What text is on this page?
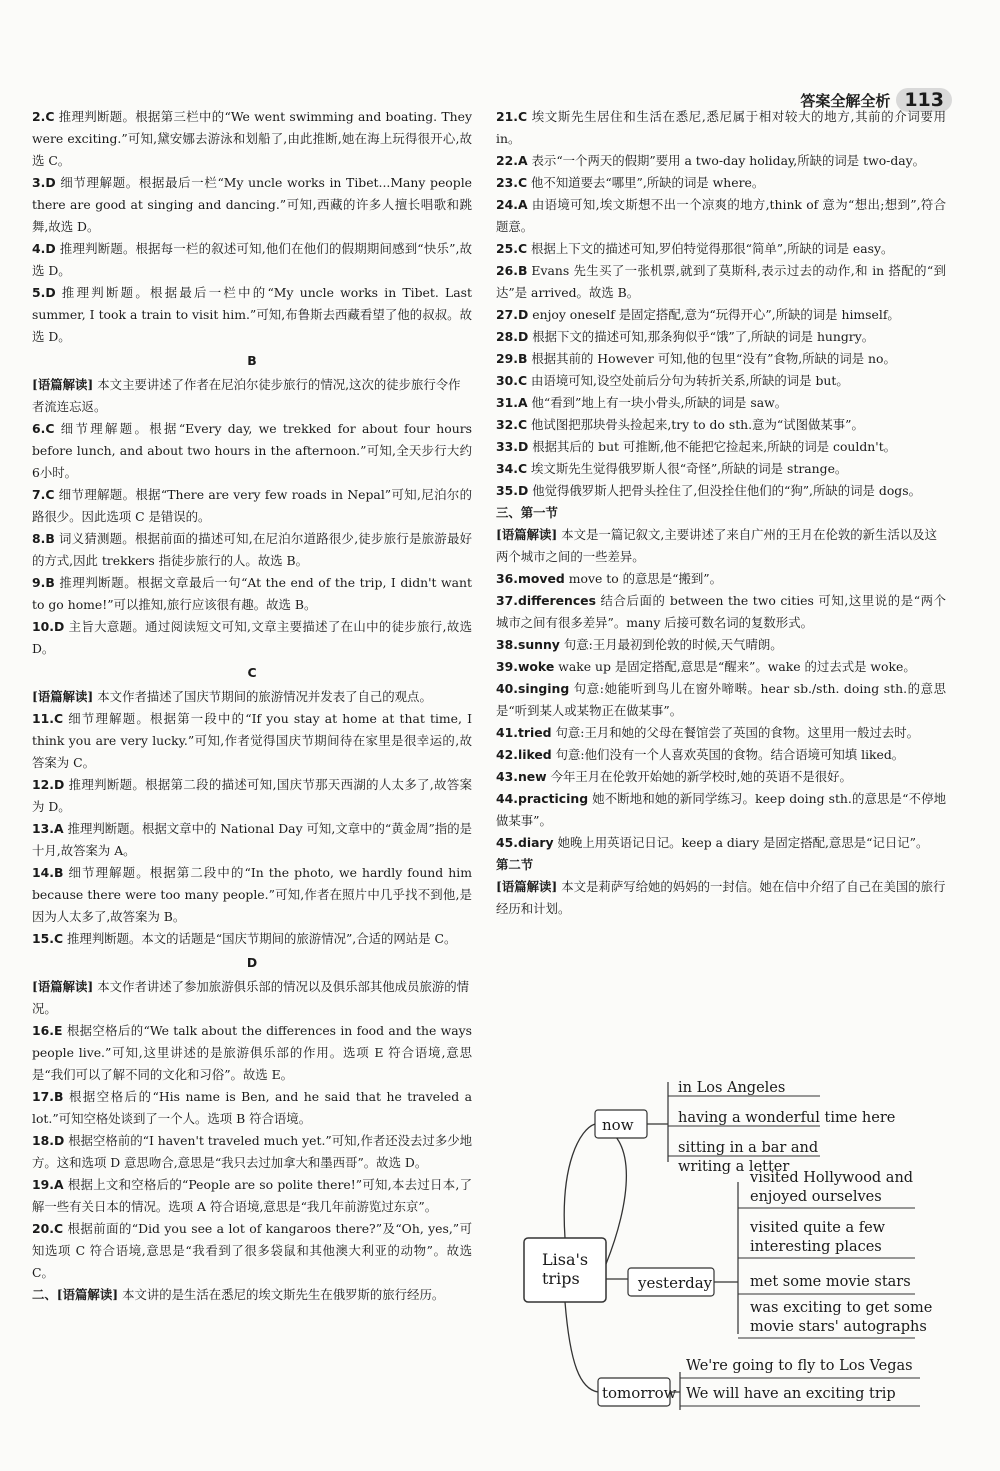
答案全解全析 113

2.C 推理判断题。根据第三栏中的“We went swimming and boating. They were exciting.”可知,黛安娜去游泳和划船了,由此推断,她在海上玩得很开心,故选 C。

3.D 细节理解题。根据最后一栏“My uncle works in Tibet...Many people there are good at singing and dancing.”可知,西藏的许多人擅长唱歌和跳舞,故选 D。

4.D 推理判断题。根据每一栏的叙述可知,他们在他们的假期期间感到“快乐”,故选 D。

5.D 推理判断题。根据最后一栏中的“My uncle works in Tibet. Last summer, I took a train to visit him.”可知,布鲁斯去西藏看望了他的叔叔。故选 D。

B

[语篇解读] 本文主要讲述了作者在尼泊尔徒步旅行的情况,这次的徒步旅行令作者流连忘返。

6.C 细节理解题。根据“Every day, we trekked for about four hours before lunch, and about two hours in the afternoon.”可知,全天步行大约6小时。

7.C 细节理解题。根据“There are very few roads in Nepal”可知,尼泊尔的路很少。因此选项 C 是错误的。

8.B 词义猜测题。根据前面的描述可知,在尼泊尔道路很少,徒步旅行是旅游最好的方式,因此 trekkers 指徒步旅行的人。故选 B。

9.B 推理判断题。根据文章最后一句“At the end of the trip, I didn't want to go home!”可以推知,旅行应该很有趣。故选 B。

10.D 主旨大意题。通过阅读短文可知,文章主要描述了在山中的徒步旅行,故选 D。

C

[语篇解读] 本文作者描述了国庆节期间的旅游情况并发表了自己的观点。

11.C 细节理解题。根据第一段中的“If you stay at home at that time, I think you are very lucky.”可知,作者觉得国庆节期间待在家里是很幸运的,故答案为 C。

12.D 推理判断题。根据第二段的描述可知,国庆节那天西湖的人太多了,故答案为 D。

13.A 推理判断题。根据文章中的 National Day 可知,文章中的“黄金周”指的是十月,故答案为 A。

14.B 细节理解题。根据第二段中的“In the photo, we hardly found him because there were too many people.”可知,作者在照片中几乎找不到他,是因为人太多了,故答案为 B。

15.C 推理判断题。本文的话题是“国庆节期间的旅游情况”,合适的网站是 C。

D

[语篇解读] 本文作者讲述了参加旅游俱乐部的情况以及俱乐部其他成员旅游的情况。

16.E 根据空格后的“We talk about the differences in food and the ways people live.”可知,这里讲述的是旅游俱乐部的作用。选项 E 符合语境,意思是“我们可以了解不同的文化和习俗”。故选 E。

17.B 根据空格后的“His name is Ben, and he said that he traveled a lot.”可知空格处谈到了一个人。选项 B 符合语境。

18.D 根据空格前的“I haven't traveled much yet.”可知,作者还没去过多少地方。这和选项 D 意思吻合,意思是“我只去过加拿大和墨西哥”。故选 D。

19.A 根据上文和空格后的“People are so polite there!”可知,本去过日本,了解一些有关日本的情况。选项 A 符合语境,意思是“我几年前游览过东京”。

20.C 根据前面的“Did you see a lot of kangaroos there?”及“Oh, yes,”可知选项 C 符合语境,意思是“我看到了很多袋鼠和其他澳大利亚的动物”。故选 C。

二、[语篇解读] 本文讲的是生活在悉尼的埃文斯先生在俄罗斯的旅行经历。

21.C 埃文斯先生居住和生活在悉尼,悉尼属于相对较大的地方,其前的介词要用 in。

22.A 表示“一个两天的假期”要用 a two-day holiday,所缺的词是 two-day。

23.C 他不知道要去“哪里”,所缺的词是 where。

24.A 由语境可知,埃文斯想不出一个凉爽的地方,think of 意为“想出;想到”,符合题意。

25.C 根据上下文的描述可知,罗伯特觉得那很“简单”,所缺的词是 easy。

26.B Evans 先生买了一张机票,就到了莫斯科,表示过去的动作,和 in 搭配的“到达”是 arrived。故选 B。

27.D enjoy oneself 是固定搭配,意为“玩得开心”,所缺的词是 himself。

28.D 根据下文的描述可知,那条狗似乎“饿”了,所缺的词是 hungry。

29.B 根据其前的 However 可知,他的包里“没有”食物,所缺的词是 no。

30.C 由语境可知,设空处前后分句为转折关系,所缺的词是 but。

31.A 他“看到”地上有一块小骨头,所缺的词是 saw。

32.C 他试图把那块骨头捡起来,try to do sth.意为“试图做某事”。

33.D 根据其后的 but 可推断,他不能把它捡起来,所缺的词是 couldn't。

34.C 埃文斯先生觉得俄罗斯人很“奇怪”,所缺的词是 strange。

35.D 他觉得俄罗斯人把骨头拴住了,但没拴住他们的“狗”,所缺的词是 dogs。

三、第一节

[语篇解读] 本文是一篇记叙文,主要讲述了来自广州的王月在伦敦的新生活以及这两个城市之间的一些差异。

36.moved move to 的意思是“搬到”。

37.differences 结合后面的 between the two cities 可知,这里说的是“两个城市之间有很多差异”。many 后接可数名词的复数形式。

38.sunny 句意:王月最初到伦敦的时候,天气晴朗。

39.woke wake up 是固定搭配,意思是“醒来”。wake 的过去式是 woke。

40.singing 句意:她能听到鸟儿在窗外啼啭。hear sb./sth. doing sth.的意思是“听到某人或某物正在做某事”。

41.tried 句意:王月和她的父母在餐馆尝了英国的食物。这里用一般过去时。

42.liked 句意:他们没有一个人喜欢英国的食物。结合语境可知填 liked。

43.new 今年王月在伦敦开始她的新学校时,她的英语不是很好。

44.practicing 她不断地和她的新同学练习。keep doing sth.的意思是“不停地做某事”。

45.diary 她晚上用英语记日记。keep a diary 是固定搭配,意思是“记日记”。

第二节

[语篇解读] 本文是莉萨写给她的妈妈的一封信。她在信中介绍了自己在美国的旅行经历和计划。

Lisa's
trips
now
in Los Angeles
having a wonderful time here
sitting in a bar and
writing a letter
yesterday
visited Hollywood and
enjoyed ourselves
visited quite a few
interesting places
met some movie stars
was exciting to get some
movie stars' autographs
tomorrow
We're going to fly to Los Vegas
We will have an exciting trip
